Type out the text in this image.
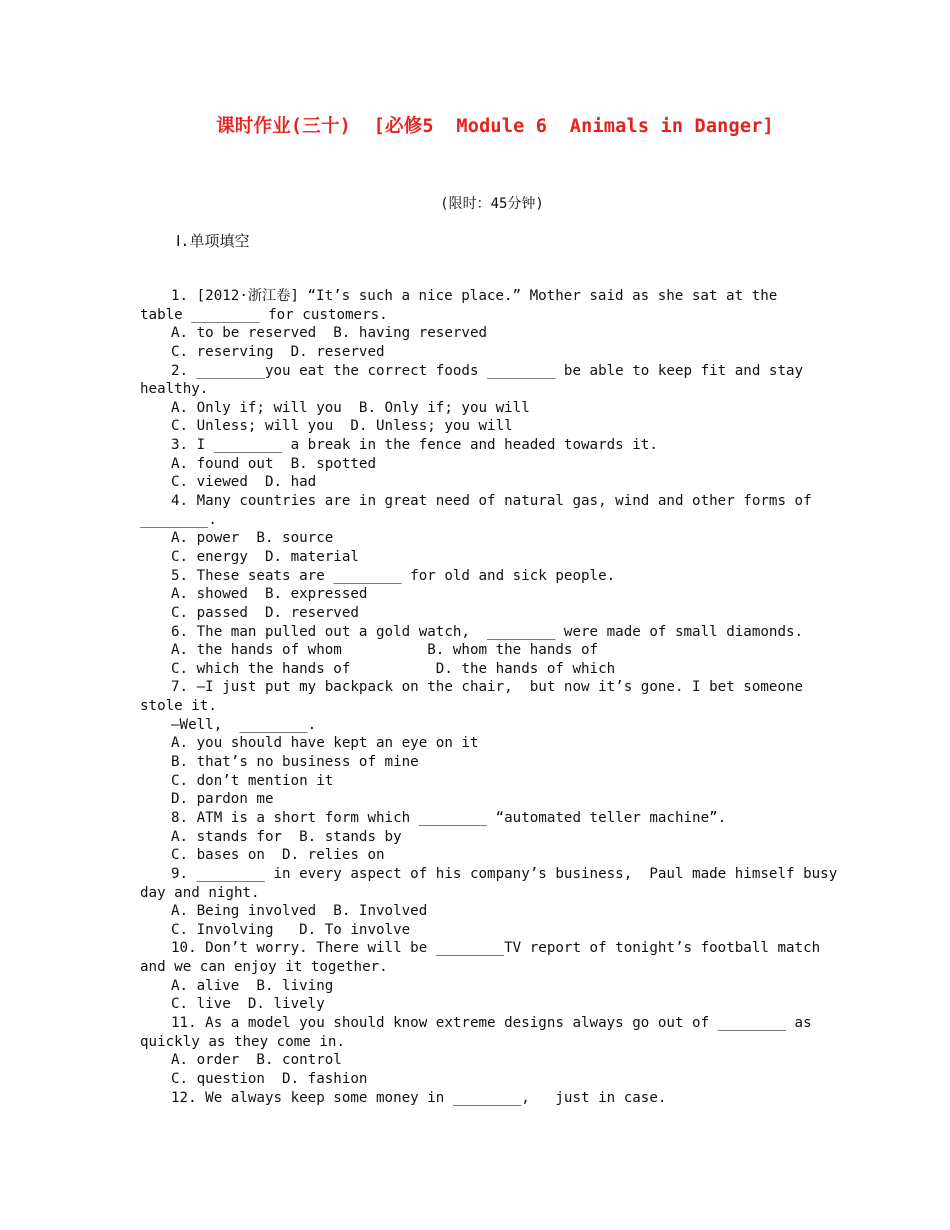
课时作业(三十)  [必修5  Module 6  Animals in Danger]
(限时：45分钟)
Ⅰ.单项填空
1. [2012·浙江卷] “It’s such a nice place.” Mother said as she sat at the
table ________ for customers.
A. to be reserved  B. having reserved
C. reserving  D. reserved
2. ________you eat the correct foods ________ be able to keep fit and stay
healthy.
A. Only if; will you  B. Only if; you will
C. Unless; will you  D. Unless; you will
3. I ________ a break in the fence and headed towards it.
A. found out  B. spotted
C. viewed  D. had
4. Many countries are in great need of natural gas, wind and other forms of
________.
A. power  B. source
C. energy  D. material
5. These seats are ________ for old and sick people.
A. showed  B. expressed
C. passed  D. reserved
6. The man pulled out a gold watch,  ________ were made of small diamonds.
A. the hands of whom          B. whom the hands of
C. which the hands of          D. the hands of which
7. —I just put my backpack on the chair,  but now it’s gone. I bet someone
stole it.
—Well,  ________.
A. you should have kept an eye on it
B. that’s no business of mine
C. don’t mention it
D. pardon me
8. ATM is a short form which ________ “automated teller machine”.
A. stands for  B. stands by
C. bases on  D. relies on
9. ________ in every aspect of his company’s business,  Paul made himself busy
day and night.
A. Being involved  B. Involved
C. Involving   D. To involve
10. Don’t worry. There will be ________TV report of tonight’s football match
and we can enjoy it together.
A. alive  B. living
C. live  D. lively
11. As a model you should know extreme designs always go out of ________ as
quickly as they come in.
A. order  B. control
C. question  D. fashion
12. We always keep some money in ________,   just in case.
